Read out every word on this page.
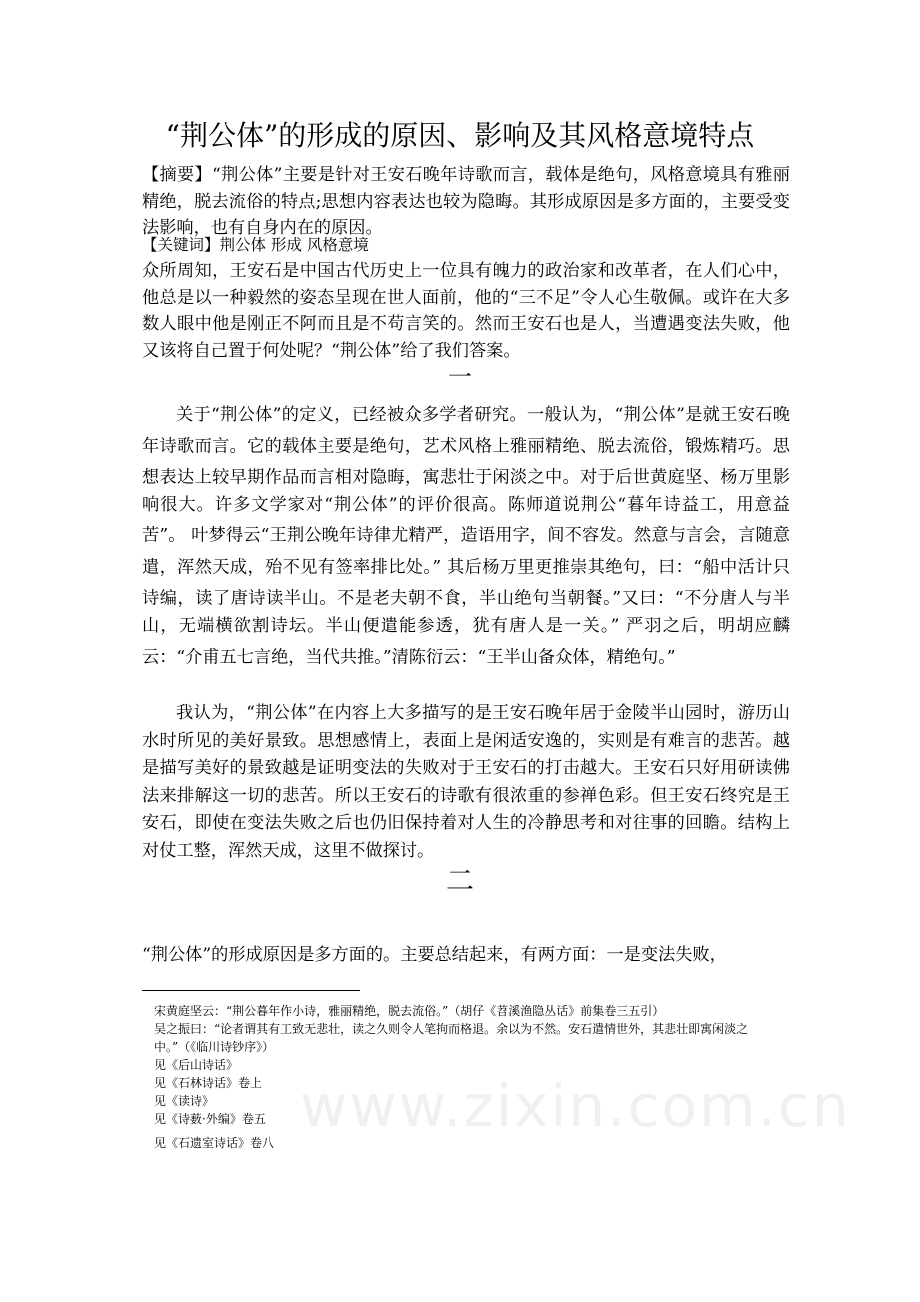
“荆公体”的形成的原因、影响及其风格意境特点

【摘要】“荆公体”主要是针对王安石晚年诗歌而言，载体是绝句，风格意境具有雅丽精绝，脱去流俗的特点;思想内容表达也较为隐晦。其形成原因是多方面的，主要受变法影响，也有自身内在的原因。

【关键词】荆公体 形成 风格意境

众所周知，王安石是中国古代历史上一位具有魄力的政治家和改革者，在人们心中，他总是以一种毅然的姿态呈现在世人面前，他的“三不足”令人心生敬佩。或许在大多数人眼中他是刚正不阿而且是不苟言笑的。然而王安石也是人，当遭遇变法失败，他又该将自己置于何处呢？“荆公体”给了我们答案。

一

关于“荆公体”的定义，已经被众多学者研究。一般认为，“荆公体”是就王安石晚年诗歌而言。它的载体主要是绝句，艺术风格上雅丽精绝、脱去流俗，锻炼精巧。思想表达上较早期作品而言相对隐晦，寓悲壮于闲淡之中。对于后世黄庭坚、杨万里影响很大。许多文学家对“荆公体”的评价很高。陈师道说荆公“暮年诗益工，用意益苦”。 叶梦得云“王荆公晚年诗律尤精严，造语用字，间不容发。然意与言会，言随意遣，浑然天成，殆不见有签率排比处。” 其后杨万里更推崇其绝句，曰：“船中活计只诗编，读了唐诗读半山。不是老夫朝不食，半山绝句当朝餐。”又曰：“不分唐人与半山，无端横欲割诗坛。半山便遣能参透，犹有唐人是一关。” 严羽之后，明胡应麟云：“介甫五七言绝，当代共推。”清陈衍云：“王半山备众体，精绝句。”

我认为，“荆公体”在内容上大多描写的是王安石晚年居于金陵半山园时，游历山水时所见的美好景致。思想感情上，表面上是闲适安逸的，实则是有难言的悲苦。越是描写美好的景致越是证明变法的失败对于王安石的打击越大。王安石只好用研读佛法来排解这一切的悲苦。所以王安石的诗歌有很浓重的参禅色彩。但王安石终究是王安石，即使在变法失败之后也仍旧保持着对人生的冷静思考和对往事的回瞻。结构上对仗工整，浑然天成，这里不做探讨。

二

“荆公体”的形成原因是多方面的。主要总结起来，有两方面：一是变法失败，

宋黄庭坚云：“荆公暮年作小诗，雅丽精绝，脱去流俗。”（胡仔《苕溪渔隐丛话》前集卷三五引）
吴之振曰：“论者谓其有工致无悲壮，读之久则令人笔拘而格退。余以为不然。安石遣情世外，其悲壮即寓闲淡之中。”（《临川诗钞序》）
见《后山诗话》
见《石林诗话》卷上
见《读诗》
见《诗薮·外编》卷五
见《石遗室诗话》卷八
www.zixin.com.cn
